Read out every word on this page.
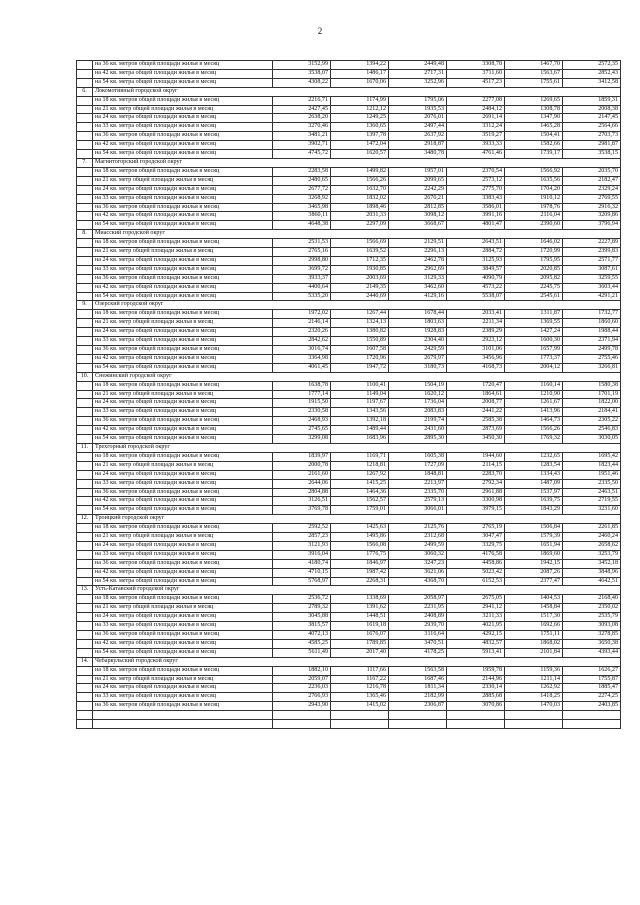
2
	на 36 кв. метров общей площади жилья в месяц	3152,99	1394,22	2449,48	3308,78	1467,70	2572,35
	на 42 кв. метра общей площади жилья в месяц	3538,07	1486,17	2717,31	3711,60	1563,67	2852,43
	на 54 кв. метра общей площади жилья в месяц	4308,22	1670,06	3252,96	4517,23	1755,61	3412,58
6.	Локомотивный городской округ						
	на 18 кв. метров общей площади жилья в месяц	2216,71	1174,99	1795,06	2277,08	1269,65	1859,31
	на 21 кв. метр общей площади жилья в месяц	2427,45	1212,12	1935,53	2484,12	1308,78	2008,38
	на 24 кв. метра общей площади жилья в месяц	2638,20	1249,25	2076,01	2691,14	1347,90	2147,45
	на 33 кв. метра общей площади жилья в месяц	3270,46	1360,65	2497,44	3312,24	1465,28	2564,66
	на 36 кв. метров общей площади жилья в месяц	3481,21	1397,78	2637,92	3519,27	1504,41	2703,73
	на 42 кв. метра общей площади жилья в месяц	3902,71	1472,04	2918,87	3933,33	1582,66	2981,87
	на 54 кв. метра общей площади жилья в месяц	4745,72	1620,57	3480,78	4761,46	1739,17	3538,15
7.	Магнитогорский городской округ						
	на 18 кв. метров общей площади жилья в месяц	2283,58	1499,82	1957,01	2370,54	1566,92	2035,70
	на 21 кв. метр общей площади жилья в месяц	2480,65	1566,26	2099,65	2573,12	1635,56	2182,47
	на 24 кв. метра общей площади жилья в месяц	2677,72	1632,70	2242,29	2775,70	1704,20	2329,24
	на 33 кв. метра общей площади жилья в месяц	3268,92	1832,02	2670,21	3383,43	1910,12	2769,55
	на 36 кв. метров общей площади жилья в месяц	3465,98	1898,46	2812,85	3586,01	1978,76	2916,32
	на 42 кв. метра общей площади жилья в месяц	3860,11	2031,33	3098,12	3991,16	2116,04	3209,86
	на 54 кв. метра общей площади жилья в месяц	4648,38	2297,09	3668,67	4801,47	2390,60	3796,94
8.	Миасский городской округ						
	на 18 кв. метров общей площади жилья в месяц	2531,53	1566,69	2129,51	2643,51	1646,02	2227,89
	на 21 кв. метр общей площади жилья в месяц	2765,16	1639,52	2296,13	2884,72	1720,99	2399,83
	на 24 кв. метра общей площади жилья в месяц	2998,80	1712,35	2462,78	3125,93	1795,95	2571,77
	на 33 кв. метра общей площади жилья в месяц	3699,72	1930,85	2962,69	3849,57	2020,85	3087,61
	на 36 кв. метров общей площади жилья в месяц	3933,37	2003,69	3129,33	4090,79	2095,82	3259,55
	на 42 кв. метра общей площади жилья в месяц	4400,64	2149,35	3462,60	4573,22	2245,75	3603,44
	на 54 кв. метра общей площади жилья в месяц	5335,20	2440,69	4129,16	5538,07	2545,61	4291,21
9.	Озерский городской округ						
	на 18 кв. метров общей площади жилья в месяц	1972,02	1267,44	1678,44	2033,41	1311,87	1732,77
	на 21 кв. метр общей площади жилья в месяц	2146,14	1324,13	1803,63	2211,34	1369,55	1860,60
	на 24 кв. метра общей площади жилья в месяц	2320,26	1380,82	1928,83	2389,29	1427,24	1988,44
	на 33 кв. метра общей площади жилья в месяц	2842,62	1550,89	2304,40	2923,12	1600,30	2371,94
	на 36 кв. метров общей площади жилья в месяц	3016,74	1607,58	2429,59	3101,06	1657,99	2499,78
	на 42 кв. метра общей площади жилья в месяц	3364,98	1720,96	2679,97	3456,96	1773,37	2755,46
	на 54 кв. метра общей площади жилья в месяц	4061,45	1947,72	3180,73	4168,73	2004,12	3266,81
10.	Снежинский городской округ						
	на 18 кв. метров общей площади жилья в месяц	1638,78	1100,41	1504,19	1720,47	1160,14	1580,38
	на 21 кв. метр общей площади жилья в месяц	1777,14	1149,04	1620,12	1864,61	1210,90	1701,19
	на 24 кв. метра общей площади жилья в месяц	1915,50	1197,67	1736,04	2008,77	1261,67	1822,00
	на 33 кв. метра общей площади жилья в месяц	2330,58	1343,56	2083,83	2441,22	1413,96	2184,41
	на 36 кв. метров общей площади жилья в месяц	2468,93	1392,18	2199,74	2585,38	1464,73	2305,22
	на 42 кв. метра общей площади жилья в месяц	2745,65	1489,44	2431,60	2873,69	1566,26	2546,83
	на 54 кв. метра общей площади жилья в месяц	3299,08	1683,96	2895,30	3450,30	1769,32	3030,05
11.	Трехгорный городской округ						
	на 18 кв. метров общей площади жилья в месяц	1839,97	1169,71	1605,38	1944,60	1232,65	1695,42
	на 21 кв. метр общей площади жилья в месяц	2000,78	1218,81	1727,09	2114,15	1283,54	1823,44
	на 24 кв. метра общей площади жилья в месяц	2161,60	1267,92	1848,81	2283,70	1334,43	1951,46
	на 33 кв. метра общей площади жилья в месяц	2644,06	1415,25	2213,97	2792,34	1487,09	2335,50
	на 36 кв. метров общей площади жилья в месяц	2804,88	1464,36	2335,70	2961,88	1537,97	2463,51
	на 42 кв. метра общей площади жилья в месяц	3126,51	1562,57	2579,13	3300,98	1639,75	2719,55
	на 54 кв. метра общей площади жилья в месяц	3769,78	1759,01	3066,01	3979,15	1843,29	3231,60
12.	Троицкий городской округ						
	на 18 кв. метров общей площади жилья в месяц	2592,52	1425,63	2125,76	2765,19	1506,84	2261,85
	на 21 кв. метр общей площади жилья в месяц	2857,23	1495,86	2312,68	3047,47	1579,39	2460,24
	на 24 кв. метра общей площади жилья в месяц	3121,93	1566,08	2499,59	3329,75	1651,94	2658,62
	на 33 кв. метра общей площади жилья в месяц	3916,04	1776,75	3060,32	4176,58	1869,60	3253,79
	на 36 кв. метров общей площади жилья в месяц	4180,74	1846,97	3247,23	4458,86	1942,15	3452,18
	на 42 кв. метра общей площади жилья в месяц	4710,15	1987,42	3621,06	5023,42	2087,26	3848,96
	на 54 кв. метра общей площади жилья в месяц	5768,97	2268,31	4368,70	6152,53	2377,47	4642,51
13.	Усть-Катавский городской округ						
	на 18 кв. метров общей площади жилья в месяц	2536,72	1338,69	2058,97	2675,05	1404,53	2168,40
	на 21 кв. метр общей площади жилья в месяц	2789,32	1391,62	2231,95	2941,12	1458,84	2350,02
	на 24 кв. метра общей площади жилья в месяц	3045,88	1448,51	2408,89	3211,33	1517,30	2535,79
	на 33 кв. метра общей площади жилья в месяц	3815,57	1619,18	2939,70	4021,95	1692,66	3093,08
	на 36 кв. метров общей площади жилья в месяц	4072,13	1676,07	3116,64	4292,15	1751,11	3278,85
	на 42 кв. метра общей площади жилья в месяц	4585,25	1789,85	3470,51	4832,57	1868,02	3650,38
	на 54 кв. метра общей площади жилья в месяц	5611,49	2017,40	4178,25	5913,41	2101,84	4393,44
14.	Чебаркульский городской округ						
	на 18 кв. метров общей площади жилья в месяц	1882,10	1117,66	1563,58	1959,78	1159,36	1626,27
	на 21 кв. метр общей площади жилья в месяц	2059,07	1167,22	1687,46	2144,96	1211,14	1755,87
	на 24 кв. метра общей площади жилья в месяц	2236,03	1216,78	1811,34	2330,14	1262,92	1885,47
	на 33 кв. метра общей площади жилья в месяц	2766,93	1365,46	2182,99	2885,68	1418,25	2274,25
	на 36 кв. метров общей площади жилья в месяц	2943,90	1415,02	2306,87	3070,86	1470,03	2403,85
